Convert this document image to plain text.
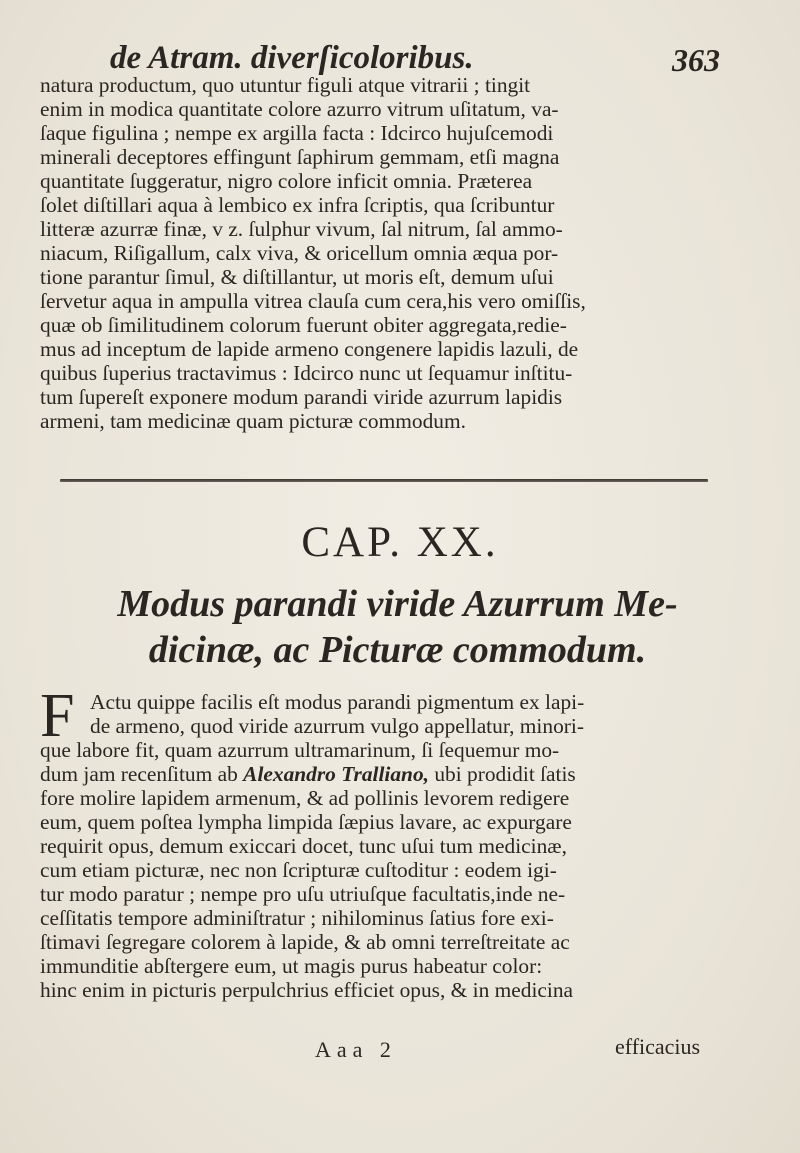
de Atram. diverſicoloribus.	363
natura productum, quo utuntur figuli atque vitrarii ; tingit
enim in modica quantitate colore azurro vitrum uſitatum, va-
ſaque figulina ; nempe ex argilla facta : Idcirco hujuſcemodi
minerali deceptores effingunt ſaphirum gemmam, etſi magna
quantitate ſuggeratur, nigro colore inficit omnia. Præterea
ſolet diſtillari aqua à lembico ex infra ſcriptis, qua ſcribuntur
litteræ azurræ finæ, v z. ſulphur vivum, ſal nitrum, ſal ammo-
niacum, Riſigallum, calx viva, & oricellum omnia æqua por-
tione parantur ſimul, & diſtillantur, ut moris eſt, demum uſui
ſervetur aqua in ampulla vitrea clauſa cum cera,his vero omiſſis,
quæ ob ſimilitudinem colorum fuerunt obiter aggregata,redie-
mus ad inceptum de lapide armeno congenere lapidis lazuli, de
quibus ſuperius tractavimus : Idcirco nunc ut ſequamur inſtitu-
tum ſupereſt exponere modum parandi viride azurrum lapidis
armeni, tam medicinæ quam picturæ commodum.
CAP. XX.
Modus parandi viride Azurrum Me-
dicinæ, ac Picturæ commodum.
F Actu quippe facilis eſt modus parandi pigmentum ex lapi-
de armeno, quod viride azurrum vulgo appellatur, minori-
que labore fit, quam azurrum ultramarinum, ſi ſequemur mo-
dum jam recenſitum ab Alexandro Tralliano, ubi prodidit ſatis
fore molire lapidem armenum, & ad pollinis levorem redigere
eum, quem poſtea lympha limpida ſæpius lavare, ac expurgare
requirit opus, demum exiccari docet, tunc uſui tum medicinæ,
cum etiam picturæ, nec non ſcripturæ cuſtoditur : eodem igi-
tur modo paratur ; nempe pro uſu utriuſque facultatis,inde ne-
ceſſitatis tempore adminiſtratur ; nihilominus ſatius fore exi-
ſtimavi ſegregare colorem à lapide, & ab omni terreſtreitate ac
immunditie abſtergere eum, ut magis purus habeatur color:
hinc enim in picturis perpulchrius efficiet opus, & in medicina
Aaa 2	efficacius
